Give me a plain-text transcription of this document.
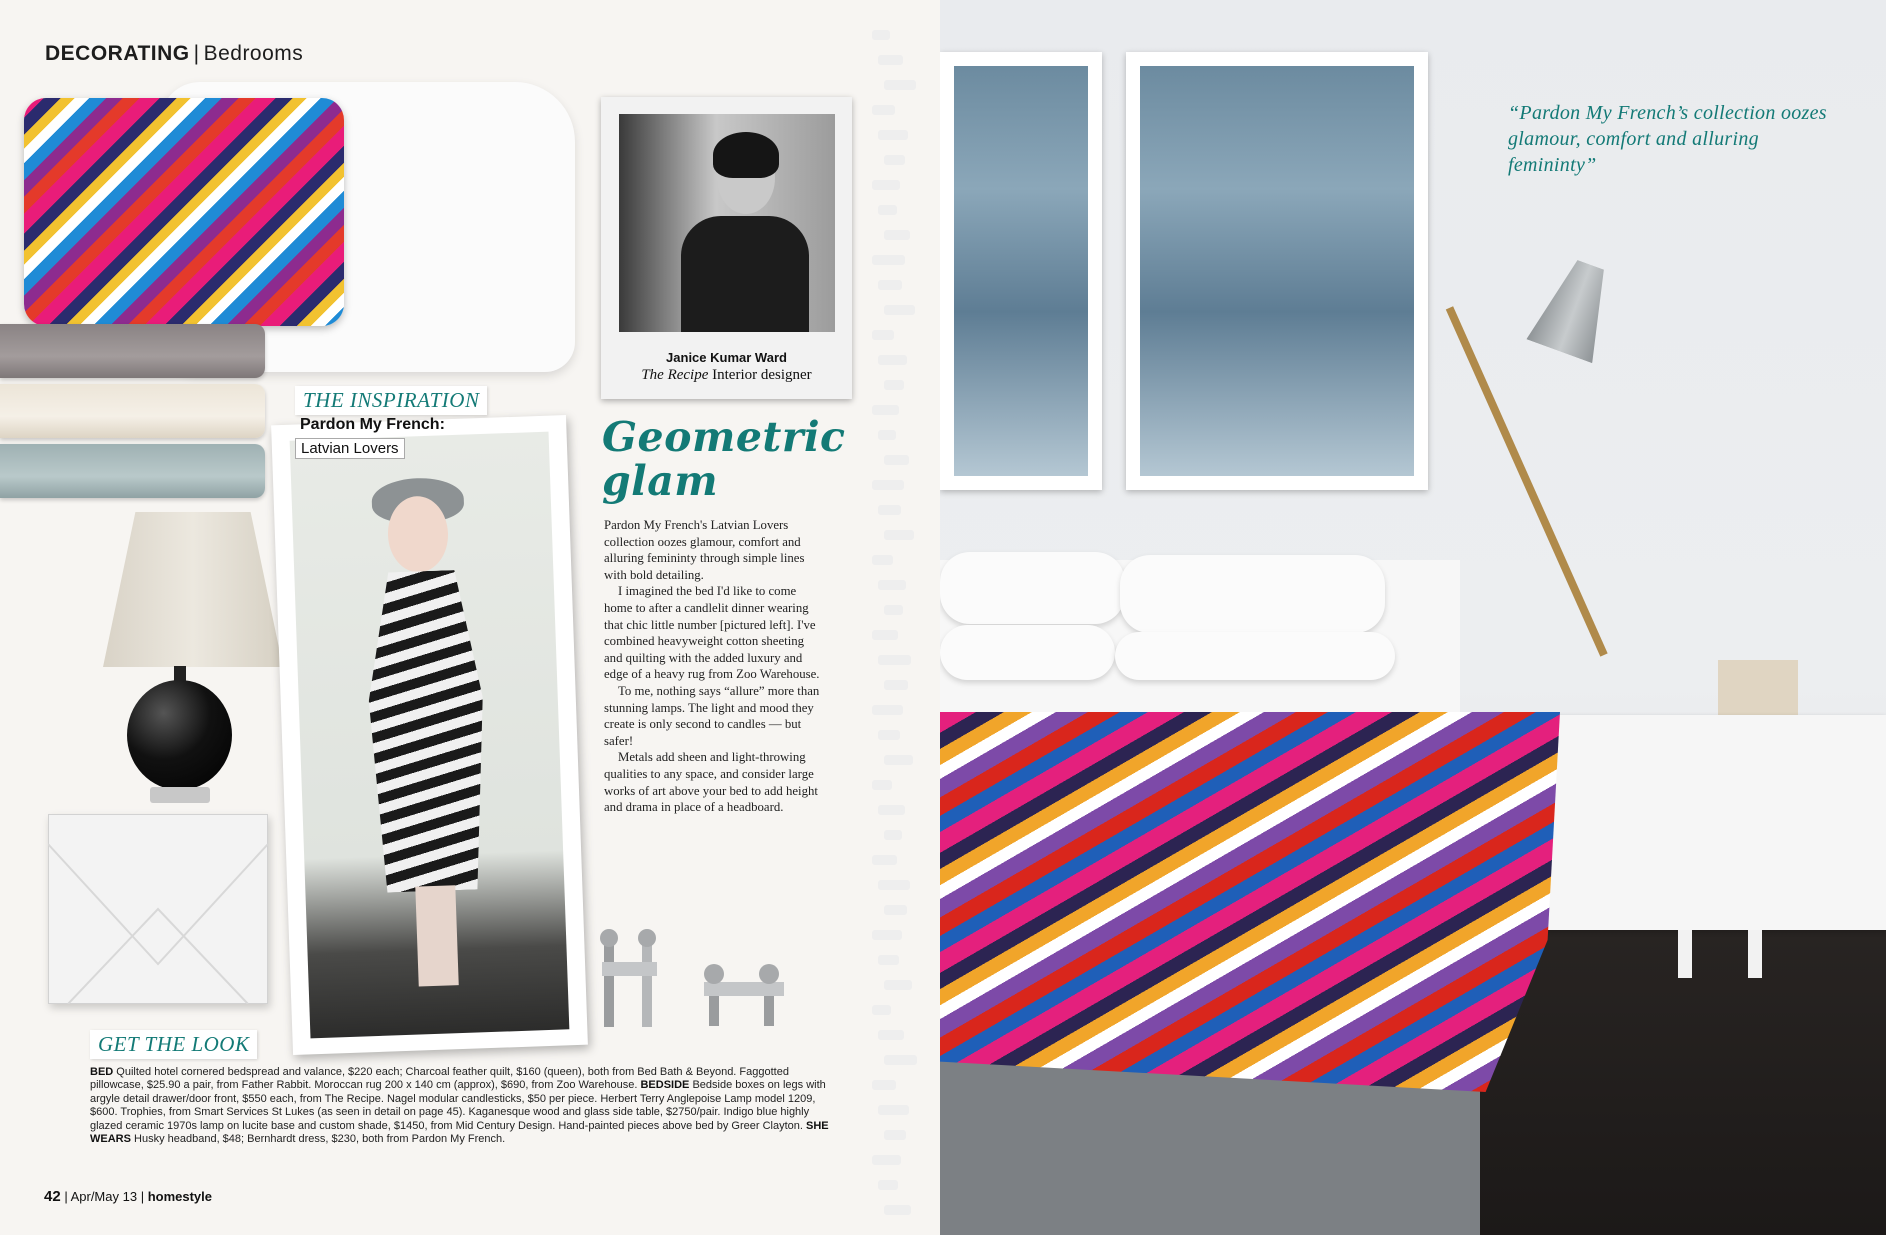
DECORATING | Bedrooms
THE INSPIRATION
Pardon My French:
Latvian Lovers
Janice Kumar Ward
The Recipe Interior designer
Geometric
glam

Pardon My French's Latvian Lovers collection oozes glamour, comfort and alluring femininty through simple lines with bold detailing.

I imagined the bed I'd like to come home to after a candlelit dinner wearing that chic little number [pictured left]. I've combined heavyweight cotton sheeting and quilting with the added luxury and edge of a heavy rug from Zoo Warehouse.

To me, nothing says “allure” more than stunning lamps. The light and mood they create is only second to candles — but safer!

Metals add sheen and light-throwing qualities to any space, and consider large works of art above your bed to add height and drama in place of a headboard.

GET THE LOOK
BED Quilted hotel cornered bedspread and valance, $220 each; Charcoal feather quilt, $160 (queen), both from Bed Bath & Beyond. Faggotted pillowcase, $25.90 a pair, from Father Rabbit. Moroccan rug 200 x 140 cm (approx), $690, from Zoo Warehouse. BEDSIDE Bedside boxes on legs with argyle detail drawer/door front, $550 each, from The Recipe. Nagel modular candlesticks, $50 per piece. Herbert Terry Anglepoise Lamp model 1209, $600. Trophies, from Smart Services St Lukes (as seen in detail on page 45). Kaganesque wood and glass side table, $2750/pair. Indigo blue highly glazed ceramic 1970s lamp on lucite base and custom shade, $1450, from Mid Century Design. Hand-painted pieces above bed by Greer Clayton. SHE WEARS Husky headband, $48; Bernhardt dress, $230, both from Pardon My French.
42 | Apr/May 13 | homestyle
“Pardon My French’s collection oozes glamour, comfort and alluring femininty”
